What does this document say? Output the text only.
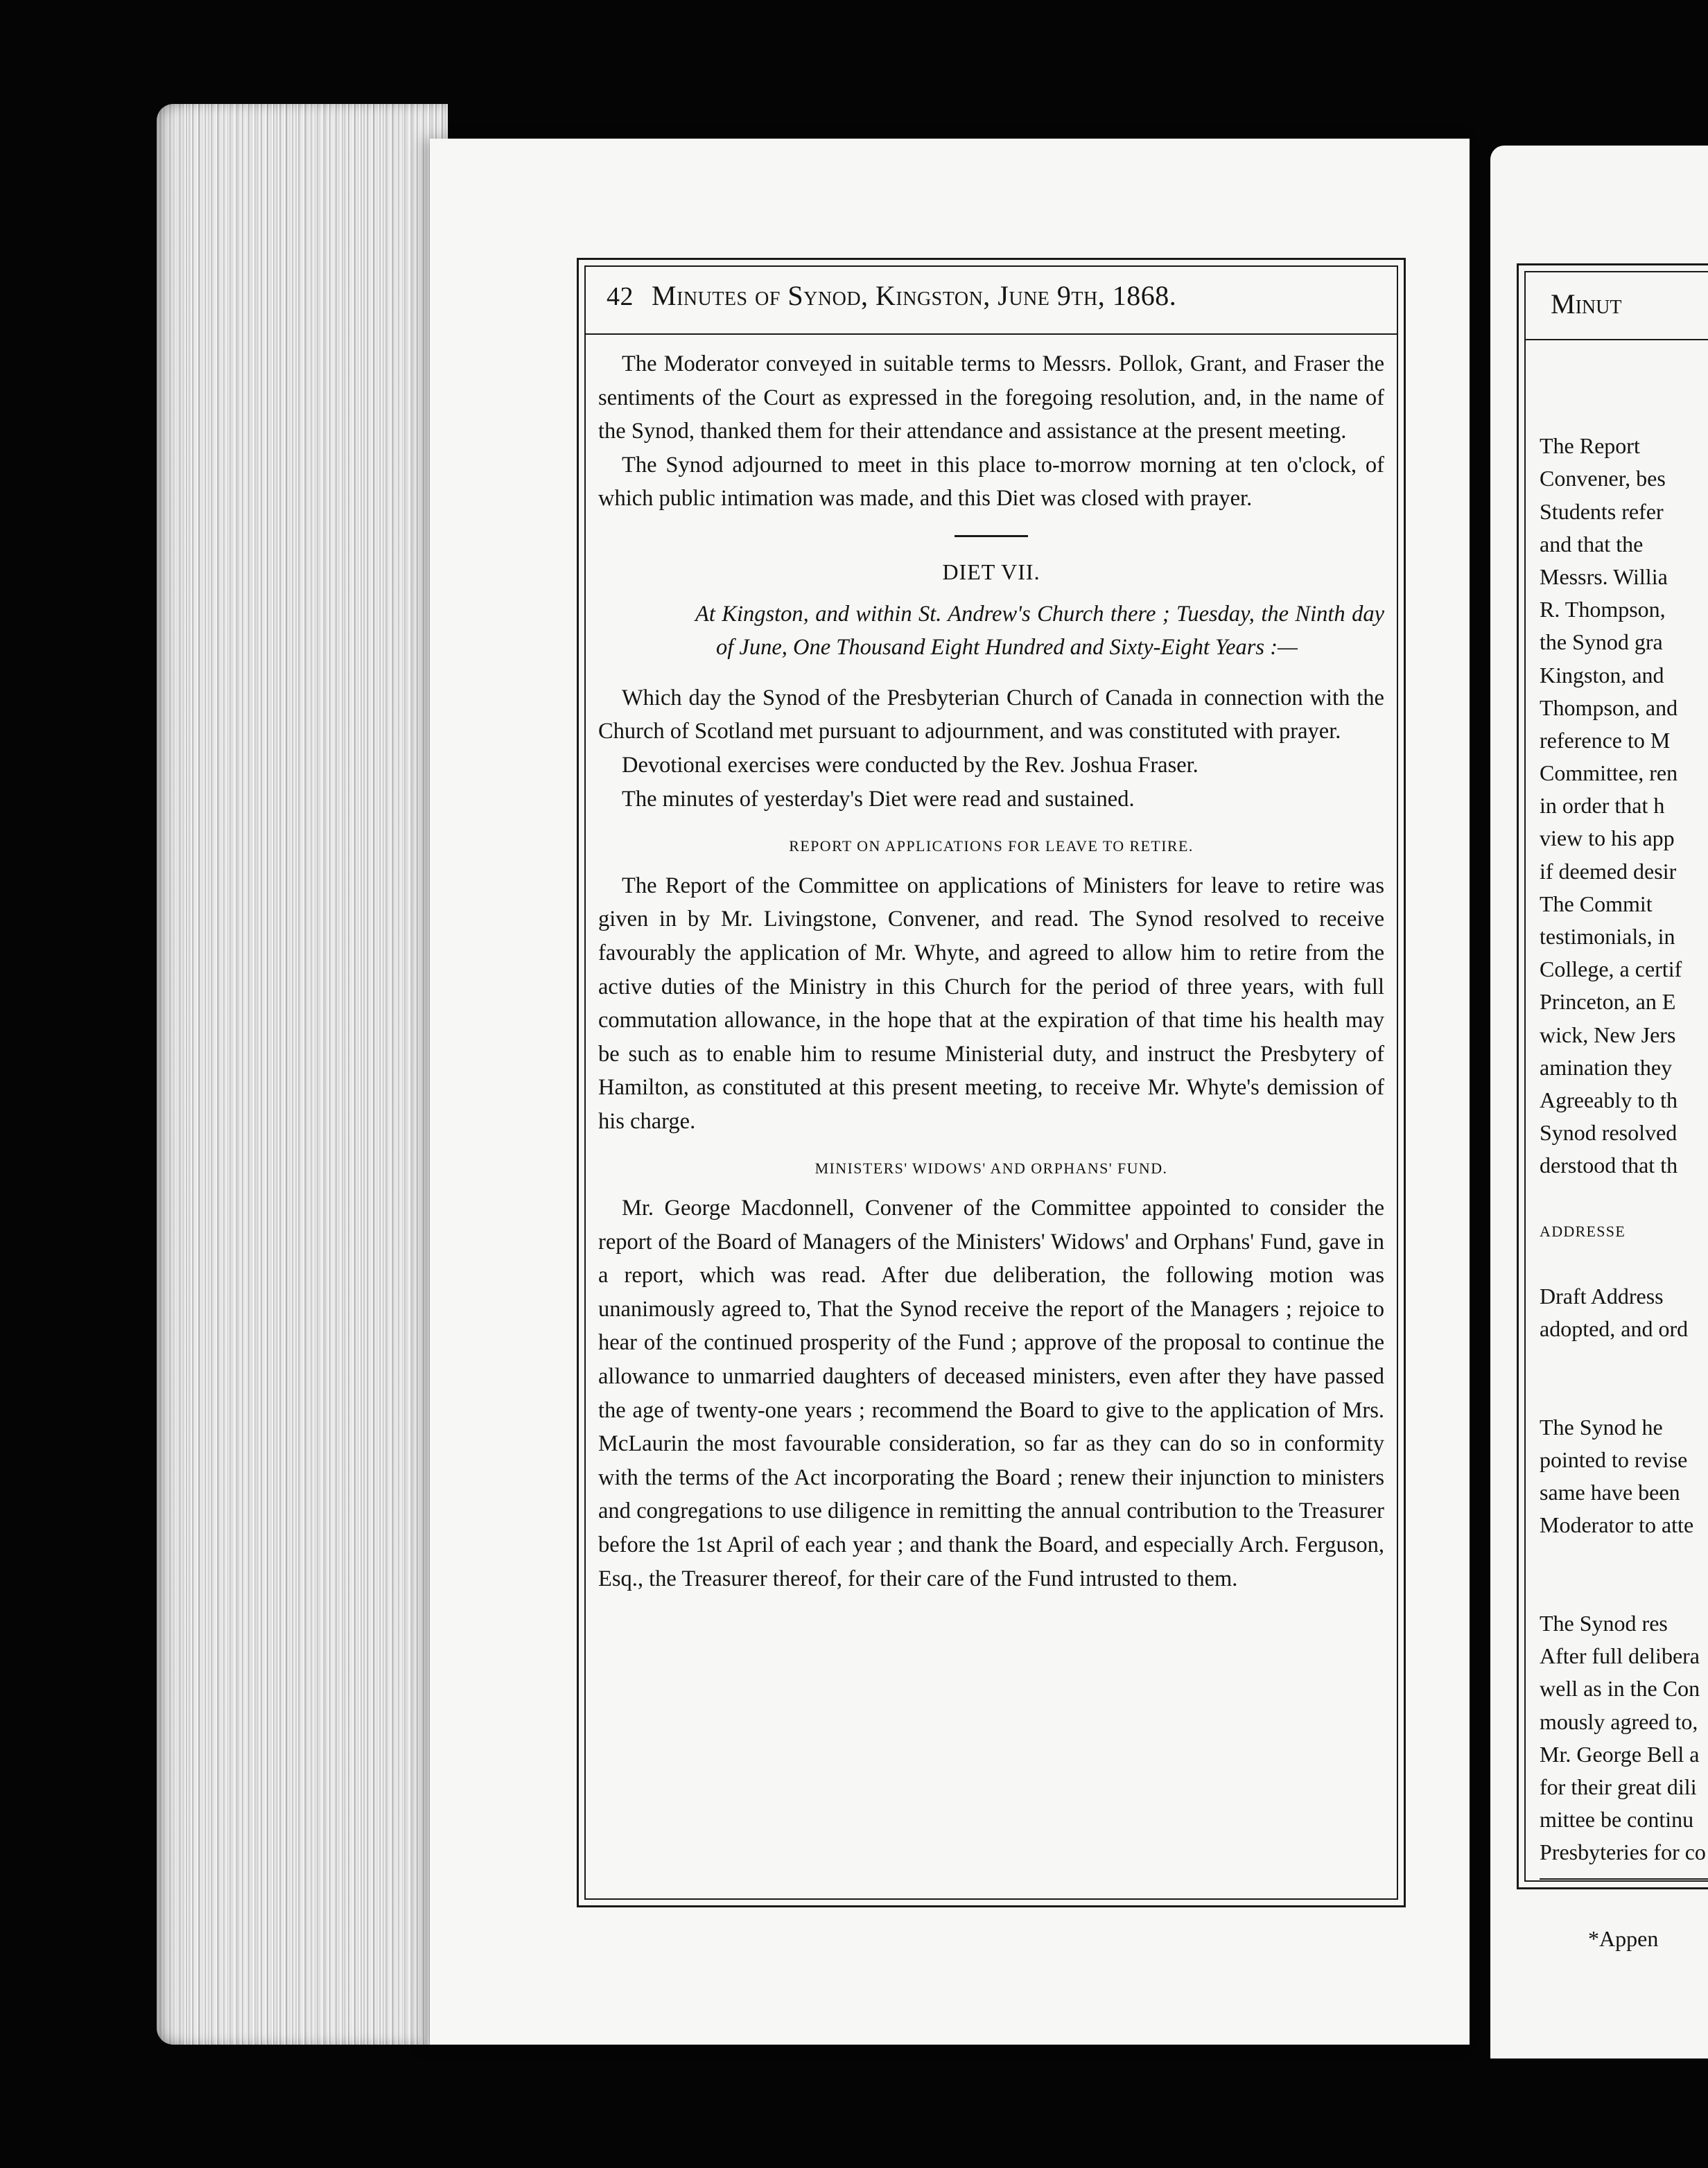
42 Minutes of Synod, Kingston, June 9th, 1868.

The Moderator conveyed in suitable terms to Messrs. Pollok, Grant, and Fraser the sentiments of the Court as expressed in the foregoing resolution, and, in the name of the Synod, thanked them for their attendance and assistance at the present meeting.

The Synod adjourned to meet in this place to-morrow morning at ten o'clock, of which public intimation was made, and this Diet was closed with prayer.

DIET VII.
At Kingston, and within St. Andrew's Church there ; Tuesday, the Ninth day of June, One Thousand Eight Hundred and Sixty-Eight Years :—

Which day the Synod of the Presbyterian Church of Canada in connection with the Church of Scotland met pursuant to adjournment, and was constituted with prayer.

Devotional exercises were conducted by the Rev. Joshua Fraser.

The minutes of yesterday's Diet were read and sustained.

REPORT ON APPLICATIONS FOR LEAVE TO RETIRE.

The Report of the Committee on applications of Ministers for leave to retire was given in by Mr. Livingstone, Convener, and read. The Synod resolved to receive favourably the application of Mr. Whyte, and agreed to allow him to retire from the active duties of the Ministry in this Church for the period of three years, with full commutation allowance, in the hope that at the expiration of that time his health may be such as to enable him to resume Ministerial duty, and instruct the Presbytery of Hamilton, as constituted at this present meeting, to receive Mr. Whyte's demission of his charge.

MINISTERS' WIDOWS' AND ORPHANS' FUND.

Mr. George Macdonnell, Convener of the Committee appointed to consider the report of the Board of Managers of the Ministers' Widows' and Orphans' Fund, gave in a report, which was read. After due deliberation, the following motion was unanimously agreed to, That the Synod receive the report of the Managers ; rejoice to hear of the continued prosperity of the Fund ; approve of the proposal to continue the allowance to unmarried daughters of deceased ministers, even after they have passed the age of twenty-one years ; recommend the Board to give to the application of Mrs. McLaurin the most favourable consideration, so far as they can do so in conformity with the terms of the Act incorporating the Board ; renew their injunction to ministers and congregations to use diligence in remitting the annual contribution to the Treasurer before the 1st April of each year ; and thank the Board, and especially Arch. Ferguson, Esq., the Treasurer thereof, for their care of the Fund intrusted to them.

Minut
The Report
Convener, bes
Students refer
and that the
Messrs. Willia
R. Thompson,
the Synod gra
Kingston, and
Thompson, and
reference to M
Committee, ren
in order that h
view to his app
if deemed desir
The Commit
testimonials, in
College, a certif
Princeton, an E
wick, New Jers
amination they
Agreeably to th
Synod resolved
derstood that th
ADDRESSE
Draft Address
adopted, and ord
The Synod he
pointed to revise
same have been
Moderator to atte
The Synod res
After full delibera
well as in the Con
mously agreed to,
Mr. George Bell a
for their great dili
mittee be continu
Presbyteries for co
*Appen
